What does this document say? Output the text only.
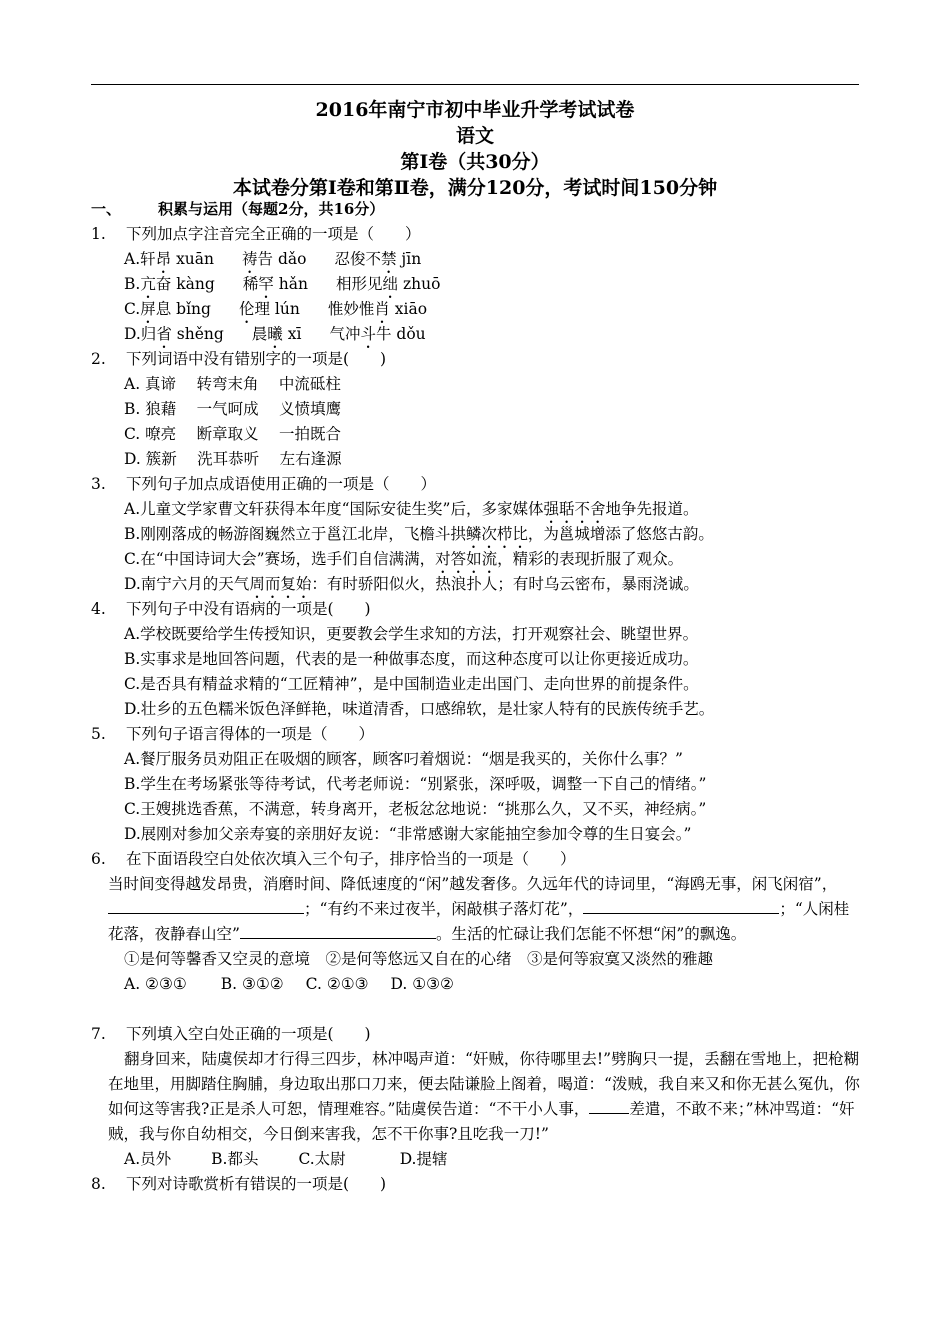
2016年南宁市初中毕业升学考试试卷
语文
第Ⅰ卷（共30分）
本试卷分第Ⅰ卷和第Ⅱ卷，满分120分，考试时间150分钟
一、 积累与运用（每题2分，共16分）
1. 下列加点字注音完全正确的一项是（　　）
A.轩昂 xuān 祷告 dǎo 忍俊不禁 jīn
B.亢奋 kàng 稀罕 hǎn 相形见绌 zhuō
C.屏息 bǐng 伦理 lún 惟妙惟肖 xiāo
D.归省 shěng 晨曦 xī 气冲斗牛 dǒu
2. 下列词语中没有错别字的一项是(　　)
A. 真谛　 转弯末角　 中流砥柱
B. 狼藉　 一气呵成　 义愤填鹰
C. 嘹亮　 断章取义　 一拍既合
D. 簇新　 洗耳恭听　 左右逢源
3. 下列句子加点成语使用正确的一项是（　　）
A.儿童文学家曹文轩获得本年度“国际安徒生奖”后，多家媒体强聒不舍地争先报道。
B.刚刚落成的畅游阁巍然立于邕江北岸，飞檐斗拱鳞次栉比，为邕城增添了悠悠古韵。
C.在“中国诗词大会”赛场，选手们自信满满，对答如流，精彩的表现折服了观众。
D.南宁六月的天气周而复始：有时骄阳似火，热浪扑人；有时乌云密布，暴雨浇诚。
4. 下列句子中没有语病的一项是(　　)
A.学校既要给学生传授知识，更要教会学生求知的方法，打开观察社会、眺望世界。
B.实事求是地回答问题，代表的是一种做事态度，而这种态度可以让你更接近成功。
C.是否具有精益求精的“工匠精神”，是中国制造业走出国门、走向世界的前提条件。
D.壮乡的五色糯米饭色泽鲜艳，味道清香，口感绵软，是壮家人特有的民族传统手艺。
5. 下列句子语言得体的一项是（　　）
A.餐厅服务员劝阻正在吸烟的顾客，顾客叼着烟说：“烟是我买的，关你什么事？”
B.学生在考场紧张等待考试，代考老师说：“别紧张，深呼吸，调整一下自己的情绪。”
C.王嫂挑选香蕉，不满意，转身离开，老板忿忿地说：“挑那么久，又不买，神经病。”
D.展刚对参加父亲寿宴的亲朋好友说：“非常感谢大家能抽空参加令尊的生日宴会。”
6. 在下面语段空白处依次填入三个句子，排序恰当的一项是（　　）
当时间变得越发昂贵，消磨时间、降低速度的“闲”越发奢侈。久远年代的诗词里，“海鸥无事，闲飞闲宿”，；“有约不来过夜半，闲敲棋子落灯花”，	；“人闲桂花落，夜静春山空”	。生活的忙碌让我们怎能不怀想“闲”的飘逸。
①是何等馨香又空灵的意境　②是何等悠远又自在的心绪　③是何等寂寞又淡然的雅趣
A. ②③① B. ③①② C. ②①③ D. ①③②
7. 下列填入空白处正确的一项是(　　)
翻身回来，陆虞侯却才行得三四步，林冲喝声道：“奸贼，你待哪里去!”劈胸只一提，丢翻在雪地上，把枪糊在地里，用脚踏住胸脯，身边取出那口刀来，便去陆谦脸上阁着，喝道：“泼贼，我自来又和你无甚么冤仇，你如何这等害我?正是杀人可恕，情理难容。”陆虞侯告道：“不干小人事，	差遣，不敢不来；”林冲骂道：“奸贼，我与你自幼相交，今日倒来害我，怎不干你事?且吃我一刀!”
A.员外	B.都头	C.太尉	D.提辖
8. 下列对诗歌赏析有错误的一项是(　　)
